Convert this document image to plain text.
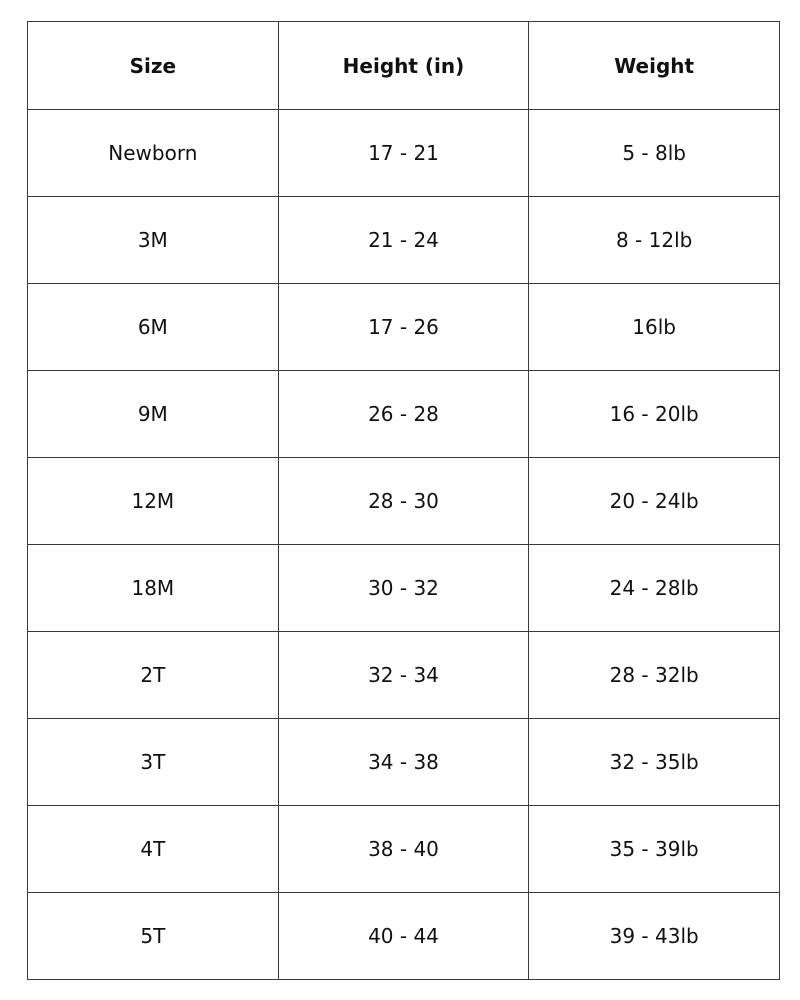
Size	Height (in)	Weight
Newborn	17 - 21	5 - 8lb
3M	21 - 24	8 - 12lb
6M	17 - 26	16lb
9M	26 - 28	16 - 20lb
12M	28 - 30	20 - 24lb
18M	30 - 32	24 - 28lb
2T	32 - 34	28 - 32lb
3T	34 - 38	32 - 35lb
4T	38 - 40	35 - 39lb
5T	40 - 44	39 - 43lb
